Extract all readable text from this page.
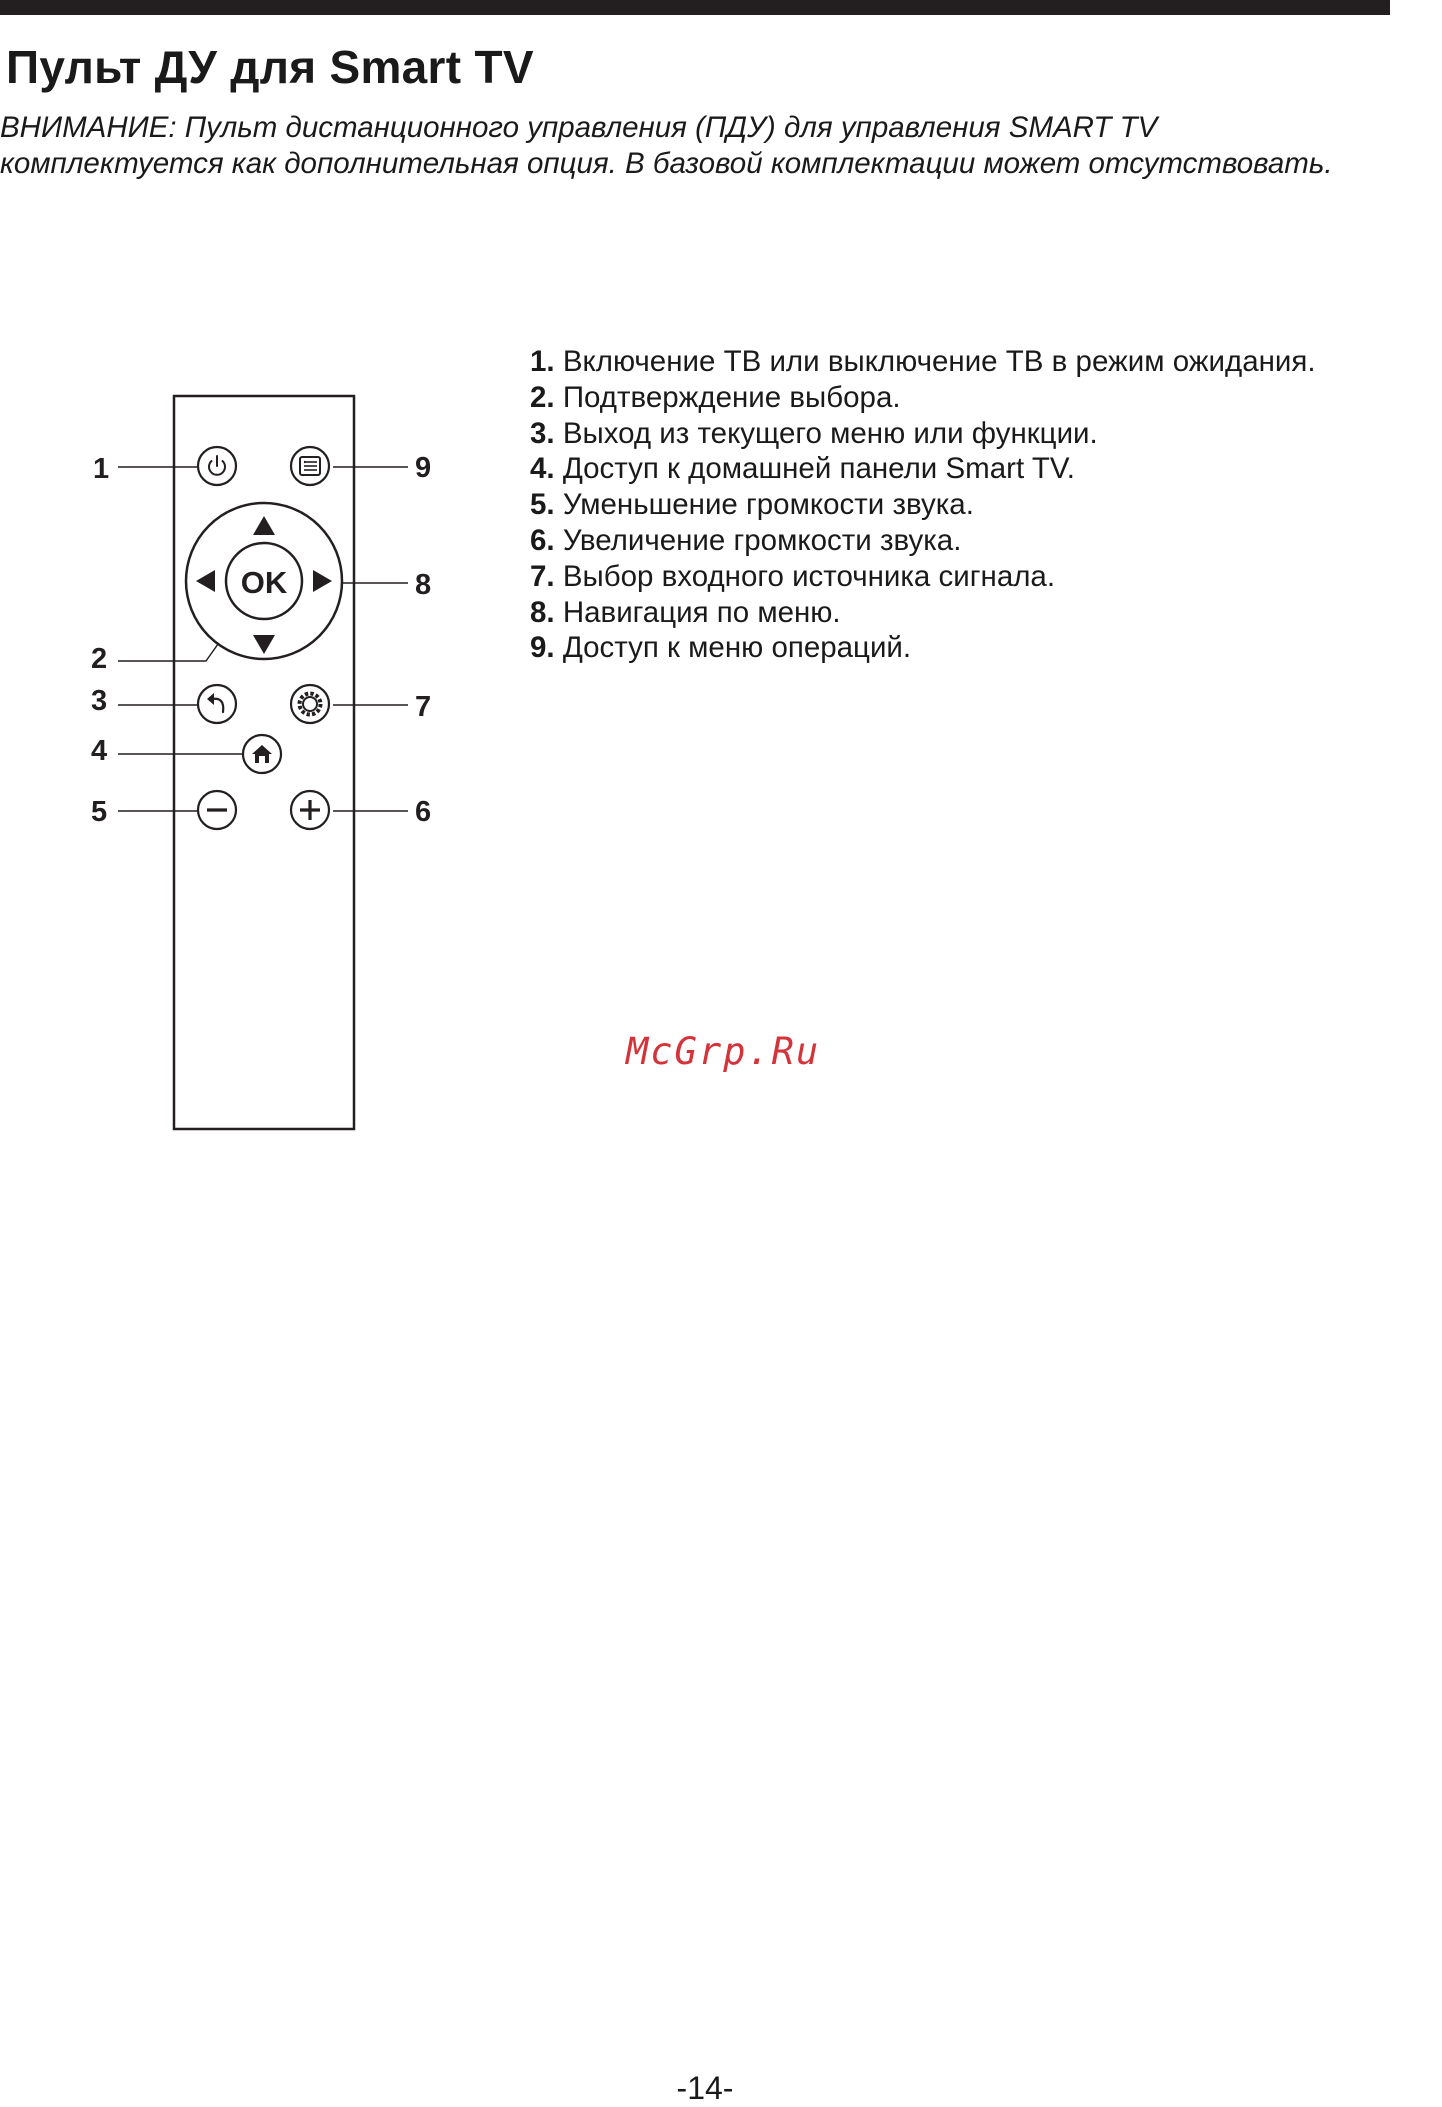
Пульт ДУ для Smart TV
ВНИМАНИЕ: Пульт дистанционного управления (ПДУ) для управления SMART TV
комплектуется как дополнительная опция. В базовой комплектации может отсутствовать.
1	9
8
2
3	7
4
5	6
OK
1. Включение ТВ или выключение ТВ в режим ожидания.
2. Подтверждение выбора.
3. Выход из текущего меню или функции.
4. Доступ к домашней панели Smart TV.
5. Уменьшение громкости звука.
6. Увеличение громкости звука.
7. Выбор входного источника сигнала.
8. Навигация по меню.
9. Доступ к меню операций.
McGrp.Ru
-14-
